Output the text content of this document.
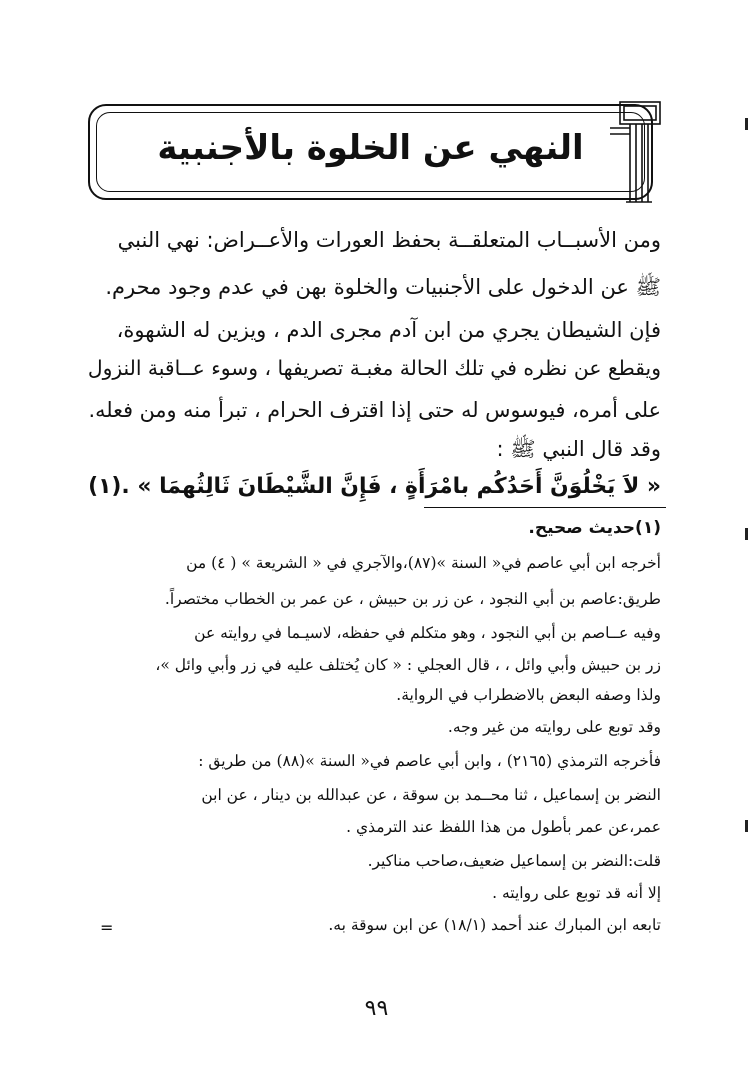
النهي عن الخلوة بالأجنبية
ومن الأسبــاب المتعلقــة بحفظ العورات والأعــراض: نهي النبي
ﷺ عن الدخول على الأجنبيات والخلوة بهن في عدم وجود محرم.
فإن الشيطان يجري من ابن آدم مجرى الدم ، ويزين له الشهوة،
ويقطع عن نظره في تلك الحالة مغبـة تصريفها ، وسوء عــاقبة النزول
على أمره، فيوسوس له حتى إذا اقترف الحرام ، تبرأ منه ومن فعله.
وقد قال النبي ﷺ :
« لاَ يَخْلُوَنَّ أَحَدُكُم بامْرَأَةٍ ، فَإِنَّ الشَّيْطَانَ ثَالِثُهمَا » .(١)
(١)حديث صحيح.
أخرجه ابن أبي عاصم في« السنة »(٨٧)،والآجري في « الشريعة » ( ٤) من
طريق:عاصم بن أبي النجود ، عن زر بن حبيش ، عن عمر بن الخطاب مختصراً.
وفيه عــاصم بن أبي النجود ، وهو متكلم في حفظه، لاسيـما في روايته عن
زر بن حبيش وأبي وائل ، ، قال العجلي : « كان يُختلف عليه في زر وأبي وائل »،
ولذا وصفه البعض بالاضطراب في الرواية.
وقد توبع على روايته من غير وجه.
فأخرجه الترمذي (٢١٦٥) ، وابن أبي عاصم في« السنة »(٨٨) من طريق :
النضر بن إسماعيل ، ثنا محــمد بن سوقة ، عن عبدالله بن دينار ، عن ابن
عمر،عن عمر بأطول من هذا اللفظ عند الترمذي .
قلت:النضر بن إسماعيل ضعيف،صاحب مناكير.
إلا أنه قد توبع على روايته .
تابعه ابن المبارك عند أحمد (١٨/١) عن ابن سوقة به.
=
٩٩
